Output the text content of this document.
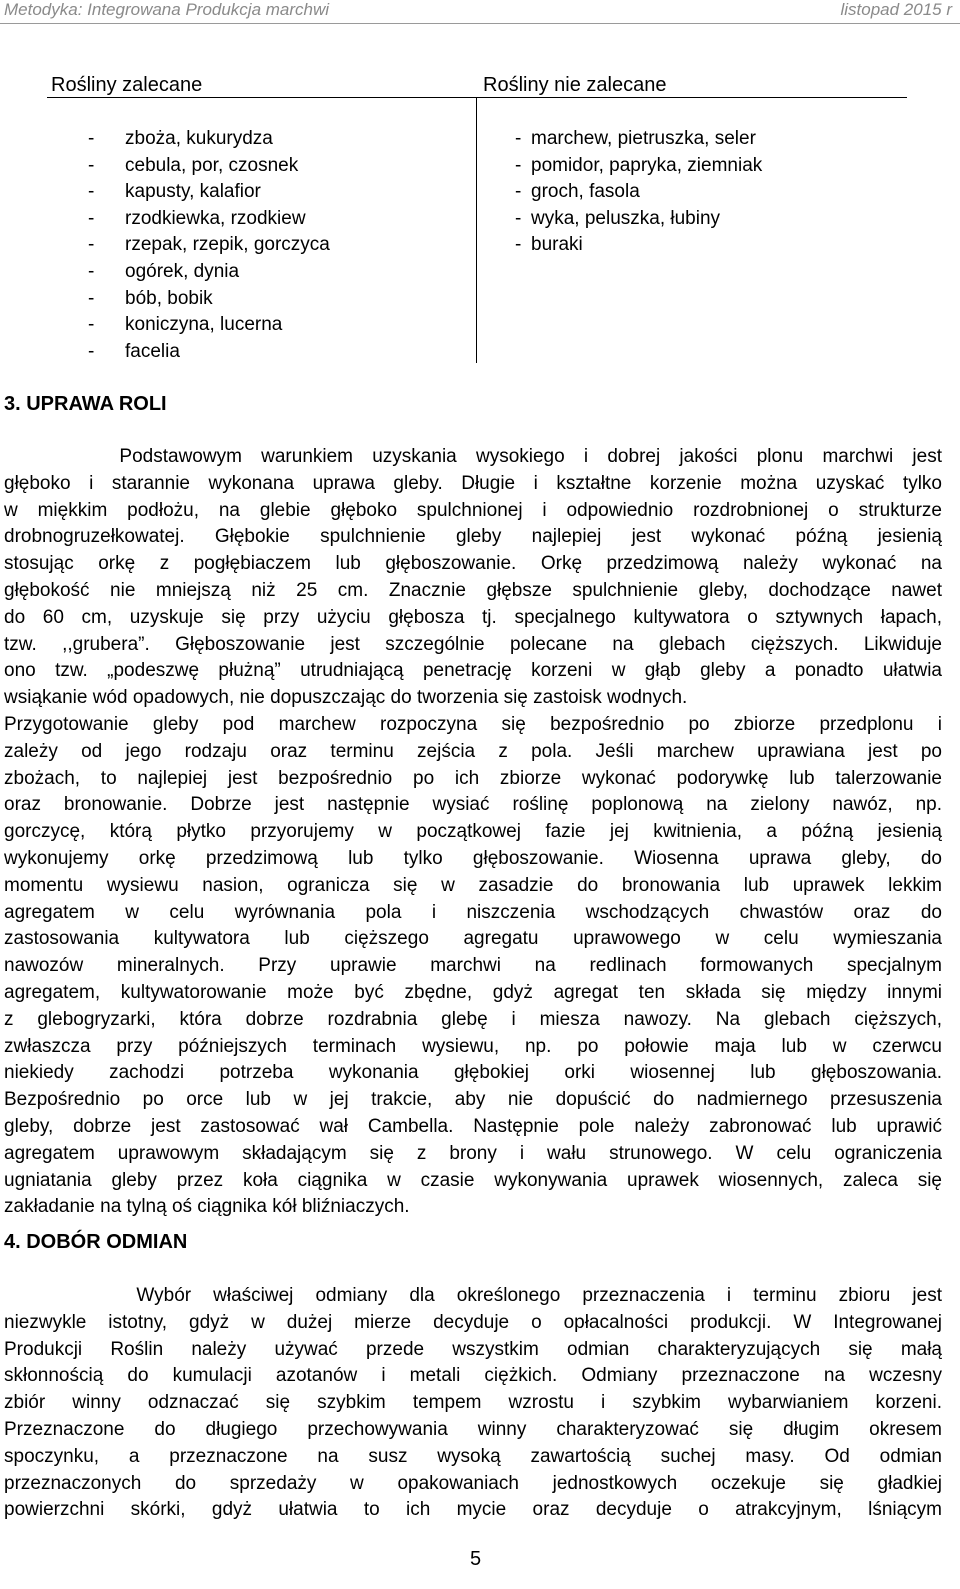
Metodyka: Integrowana Produkcja marchwi	listopad 2015 r
Rośliny zalecane	Rośliny nie zalecane
- zboża, kukurydza
- cebula, por, czosnek
- kapusty, kalafior
- rzodkiewka, rzodkiew
- rzepak, rzepik, gorczyca
- ogórek, dynia
- bób, bobik
- koniczyna, lucerna
- facelia
- marchew, pietruszka, seler
- pomidor, papryka, ziemniak
- groch, fasola
- wyka, peluszka, łubiny
- buraki
3. UPRAWA ROLI
Podstawowym warunkiem uzyskania wysokiego i dobrej jakości plonu marchwi jest
głęboko i starannie wykonana uprawa gleby. Długie i kształtne korzenie można uzyskać tylko
w miękkim podłożu, na glebie głęboko spulchnionej i odpowiednio rozdrobnionej o strukturze
drobnogruzełkowatej. Głębokie spulchnienie gleby najlepiej jest wykonać późną jesienią
stosując orkę z pogłębiaczem lub głęboszowanie. Orkę przedzimową należy wykonać na
głębokość nie mniejszą niż 25 cm. Znacznie głębsze spulchnienie gleby, dochodzące nawet
do 60 cm, uzyskuje się przy użyciu głębosza tj. specjalnego kultywatora o sztywnych łapach,
tzw. ,,grubera”. Głęboszowanie jest szczególnie polecane na glebach cięższych. Likwiduje
ono tzw. „podeszwę płużną” utrudniającą penetrację korzeni w głąb gleby a ponadto ułatwia
wsiąkanie wód opadowych, nie dopuszczając do tworzenia się zastoisk wodnych.
Przygotowanie gleby pod marchew rozpoczyna się bezpośrednio po zbiorze przedplonu i
zależy od jego rodzaju oraz terminu zejścia z pola. Jeśli marchew uprawiana jest po
zbożach, to najlepiej jest bezpośrednio po ich zbiorze wykonać podorywkę lub talerzowanie
oraz bronowanie. Dobrze jest następnie wysiać roślinę poplonową na zielony nawóz, np.
gorczycę, którą płytko przyorujemy w początkowej fazie jej kwitnienia, a późną jesienią
wykonujemy orkę przedzimową lub tylko głęboszowanie. Wiosenna uprawa gleby, do
momentu wysiewu nasion, ogranicza się w zasadzie do bronowania lub uprawek lekkim
agregatem w celu wyrównania pola i niszczenia wschodzących chwastów oraz do
zastosowania kultywatora lub cięższego agregatu uprawowego w celu wymieszania
nawozów mineralnych. Przy uprawie marchwi na redlinach formowanych specjalnym
agregatem, kultywatorowanie może być zbędne, gdyż agregat ten składa się między innymi
z glebogryzarki, która dobrze rozdrabnia glebę i miesza nawozy. Na glebach cięższych,
zwłaszcza przy późniejszych terminach wysiewu, np. po połowie maja lub w czerwcu
niekiedy zachodzi potrzeba wykonania głębokiej orki wiosennej lub głęboszowania.
Bezpośrednio po orce lub w jej trakcie, aby nie dopuścić do nadmiernego przesuszenia
gleby, dobrze jest zastosować wał Cambella. Następnie pole należy zabronować lub uprawić
agregatem uprawowym składającym się z brony i wału strunowego. W celu ograniczenia
ugniatania gleby przez koła ciągnika w czasie wykonywania uprawek wiosennych, zaleca się
zakładanie na tylną oś ciągnika kół bliźniaczych.
4. DOBÓR ODMIAN
Wybór właściwej odmiany dla określonego przeznaczenia i terminu zbioru jest
niezwykle istotny, gdyż w dużej mierze decyduje o opłacalności produkcji. W Integrowanej
Produkcji Roślin należy używać przede wszystkim odmian charakteryzujących się małą
skłonnością do kumulacji azotanów i metali ciężkich. Odmiany przeznaczone na wczesny
zbiór winny odznaczać się szybkim tempem wzrostu i szybkim wybarwianiem korzeni.
Przeznaczone do długiego przechowywania winny charakteryzować się długim okresem
spoczynku, a przeznaczone na susz wysoką zawartością suchej masy. Od odmian
przeznaczonych do sprzedaży w opakowaniach jednostkowych oczekuje się gładkiej
powierzchni skórki, gdyż ułatwia to ich mycie oraz decyduje o atrakcyjnym, lśniącym
5
